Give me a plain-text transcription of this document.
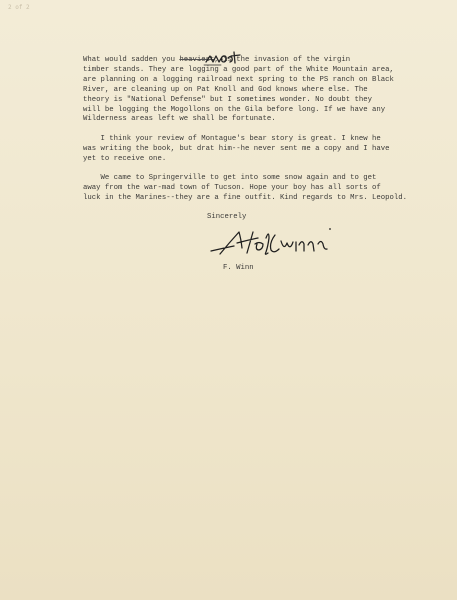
2 of 2

What would sadden you heaviest, is the invasion of the virgin
timber stands. They are logging a good part of the White Mountain area,
are planning on a logging railroad next spring to the PS ranch on Black
River, are cleaning up on Pat Knoll and God knows where else. The
theory is "National Defense" but I sometimes wonder. No doubt they
will be logging the Mogollons on the Gila before long. If we have any
Wilderness areas left we shall be fortunate.

I think your review of Montague's bear story is great. I knew he
was writing the book, but drat him--he never sent me a copy and I have
yet to receive one.

We came to Springerville to get into some snow again and to get
away from the war-mad town of Tucson. Hope your boy has all sorts of
luck in the Marines--they are a fine outfit. Kind regards to Mrs. Leopold.

Sincerely

F. Winn
